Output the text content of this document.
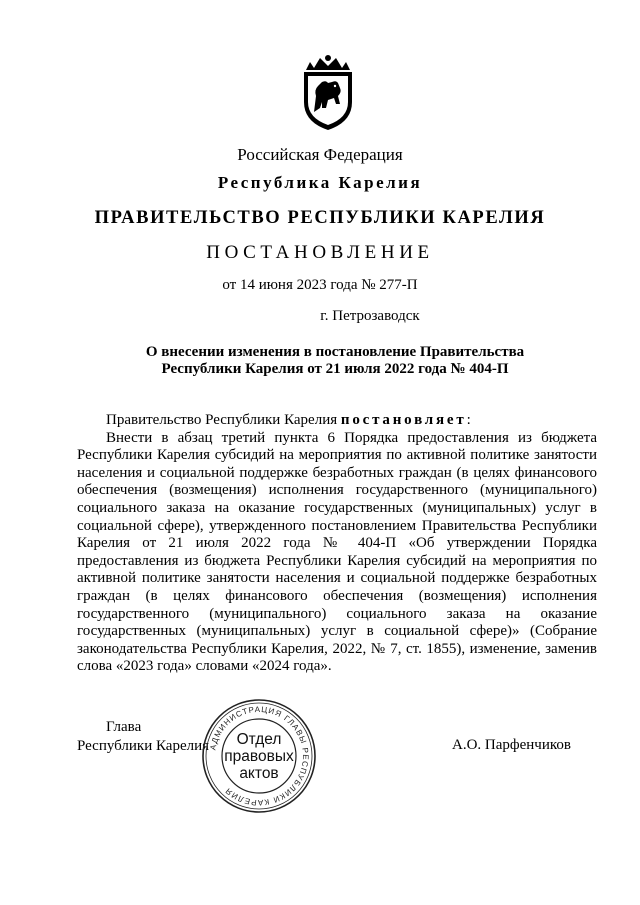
Российская Федерация
Республика Карелия
ПРАВИТЕЛЬСТВО РЕСПУБЛИКИ КАРЕЛИЯ
ПОСТАНОВЛЕНИЕ
от 14 июня 2023 года № 277-П
г. Петрозаводск
О внесении изменения в постановление Правительства
Республики Карелия от 21 июля 2022 года № 404-П

Правительство Республики Карелия постановляет:

Внести в абзац третий пункта 6 Порядка предоставления из бюджета Республики Карелия субсидий на мероприятия по активной политике занятости населения и социальной поддержке безработных граждан (в целях финансового обеспечения (возмещения) исполнения государственного (муниципального) социального заказа на оказание государственных (муниципальных) услуг в социальной сфере), утвержденного постановлением Правительства Республики Карелия от 21 июля 2022 года № 404-П «Об утверждении Порядка предоставления из бюджета Республики Карелия субсидий на мероприятия по активной политике занятости населения и социальной поддержке безработных граждан (в целях финансового обеспечения (возмещения) исполнения государственного (муниципального) социального заказа на оказание государственных (муниципальных) услуг в социальной сфере)» (Собрание законодательства Республики Карелия, 2022, № 7, ст. 1855), изменение, заменив слова «2023 года» словами «2024 года».

Глава
Республики Карелия	А.О. Парфенчиков
АДМИНИСТРАЦИЯ ГЛАВЫ РЕСПУБЛИКИ КАРЕЛИЯ
Отдел
правовых
актов
